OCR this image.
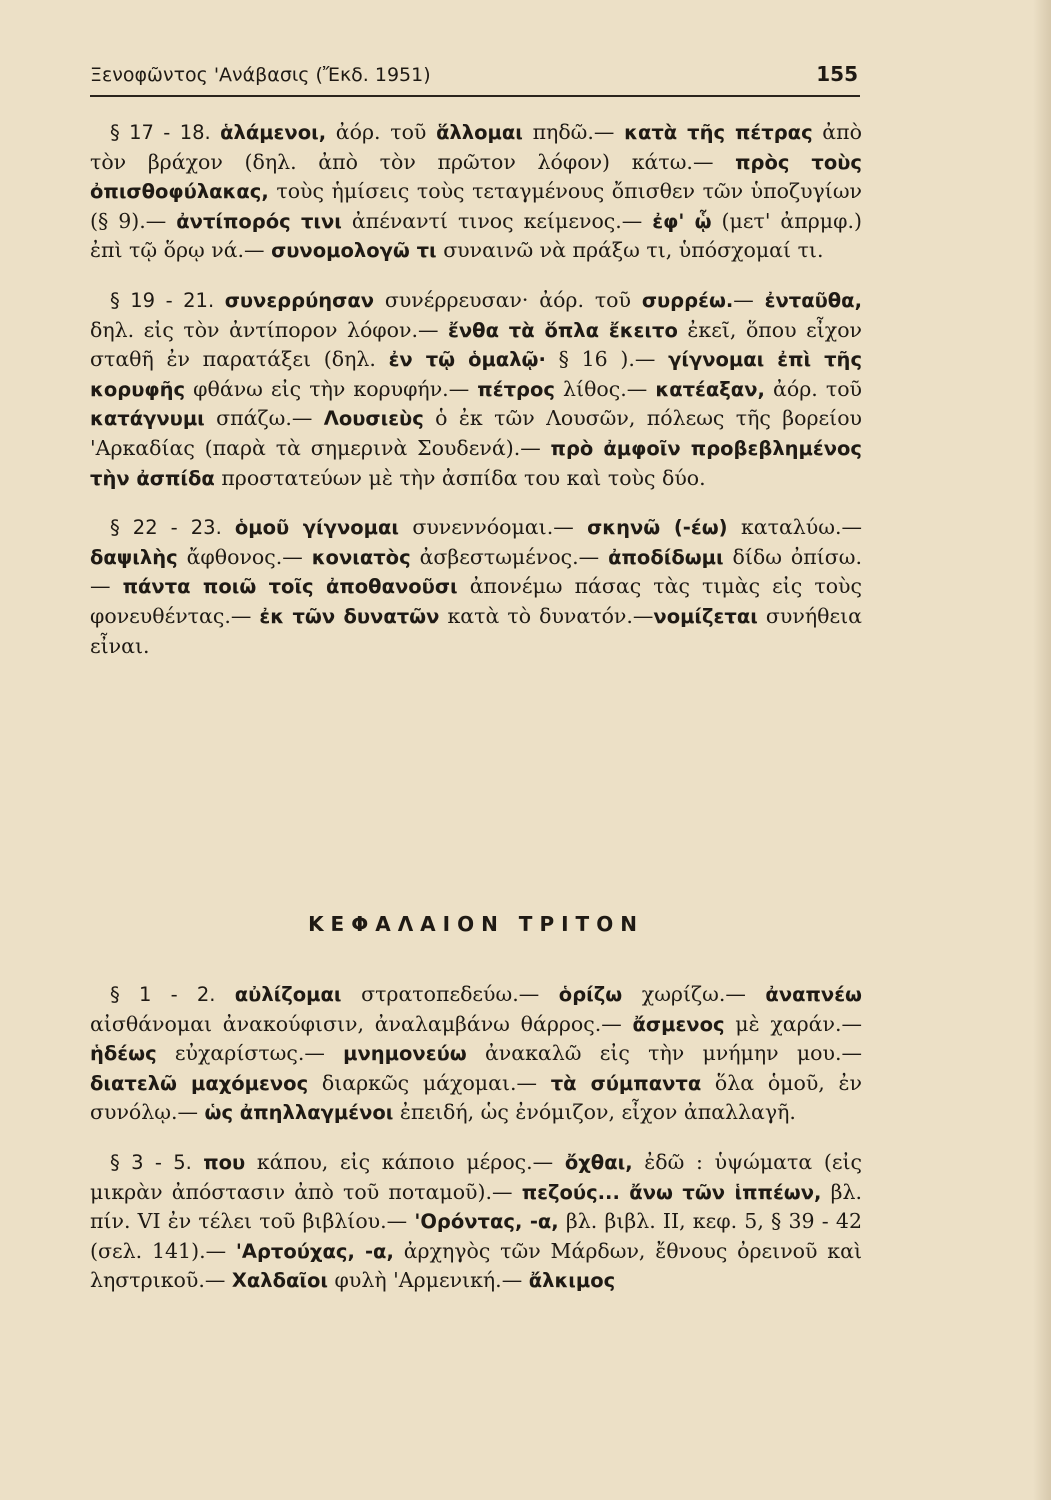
Ξενοφῶντος 'Ανάβασις (Ἔκδ. 1951)	155

§ 17 - 18. ἁλάμενοι, ἀόρ. τοῦ ἅλλομαι πηδῶ.— κατὰ τῆς πέτρας ἀπὸ τὸν βράχον (δηλ. ἀπὸ τὸν πρῶτον λόφον) κάτω.— πρὸς τοὺς ὀπισθοφύλακας, τοὺς ἡμίσεις τοὺς τεταγμένους ὄπισθεν τῶν ὑποζυγίων (§ 9).— ἀντίπορός τινι ἀπέναντί τινος κείμενος.— ἐφ' ᾧ (μετ' ἀπρμφ.) ἐπὶ τῷ ὅρῳ νά.— συνομολογῶ τι συναινῶ νὰ πράξω τι, ὑπόσχομαί τι.

§ 19 - 21. συνερρύησαν συνέρρευσαν· ἀόρ. τοῦ συρρέω.— ἐνταῦθα, δηλ. εἰς τὸν ἀντίπορον λόφον.— ἔνθα τὰ ὅπλα ἔκειτο ἐκεῖ, ὅπου εἶχον σταθῆ ἐν παρατάξει (δηλ. ἐν τῷ ὁμαλῷ· § 16 ).— γίγνομαι ἐπὶ τῆς κορυφῆς φθάνω εἰς τὴν κορυφήν.— πέτρος λίθος.— κατέαξαν, ἀόρ. τοῦ κατάγνυμι σπάζω.— Λουσιεὺς ὁ ἐκ τῶν Λουσῶν, πόλεως τῆς βορείου 'Αρκαδίας (παρὰ τὰ σημερινὰ Σουδενά).— πρὸ ἀμφοῖν προβεβλημένος τὴν ἀσπίδα προστατεύων μὲ τὴν ἀσπίδα του καὶ τοὺς δύο.

§ 22 - 23. ὁμοῦ γίγνομαι συνεννόομαι.— σκηνῶ (-έω) καταλύω.— δαψιλὴς ἄφθονος.— κονιατὸς ἀσβεστωμένος.— ἀποδίδωμι δίδω ὀπίσω.— πάντα ποιῶ τοῖς ἀποθανοῦσι ἀπονέμω πάσας τὰς τιμὰς εἰς τοὺς φονευθέντας.— ἐκ τῶν δυνατῶν κατὰ τὸ δυνατόν.—νομίζεται συνήθεια εἶναι.

ΚΕΦΑΛΑΙΟΝ ΤΡΙΤΟΝ

§ 1 - 2. αὐλίζομαι στρατοπεδεύω.— ὁρίζω χωρίζω.— ἀναπνέω αἰσθάνομαι ἀνακούφισιν, ἀναλαμβάνω θάρρος.— ἄσμενος μὲ χαράν.— ἡδέως εὐχαρίστως.— μνημονεύω ἀνακαλῶ εἰς τὴν μνήμην μου.— διατελῶ μαχόμενος διαρκῶς μάχομαι.— τὰ σύμπαντα ὅλα ὁμοῦ, ἐν συνόλῳ.— ὡς ἀπηλλαγμένοι ἐπειδή, ὡς ἐνόμιζον, εἶχον ἀπαλλαγῆ.

§ 3 - 5. που κάπου, εἰς κάποιο μέρος.— ὄχθαι, ἐδῶ : ὑψώματα (εἰς μικρὰν ἀπόστασιν ἀπὸ τοῦ ποταμοῦ).— πεζούς... ἄνω τῶν ἱππέων, βλ. πίν. VI ἐν τέλει τοῦ βιβλίου.— 'Ορόντας, -α, βλ. βιβλ. II, κεφ. 5, § 39 - 42 (σελ. 141).— 'Αρτούχας, -α, ἀρχηγὸς τῶν Μάρδων, ἔθνους ὀρεινοῦ καὶ ληστρικοῦ.— Χαλδαῖοι φυλὴ 'Αρμενική.— ἄλκιμος
